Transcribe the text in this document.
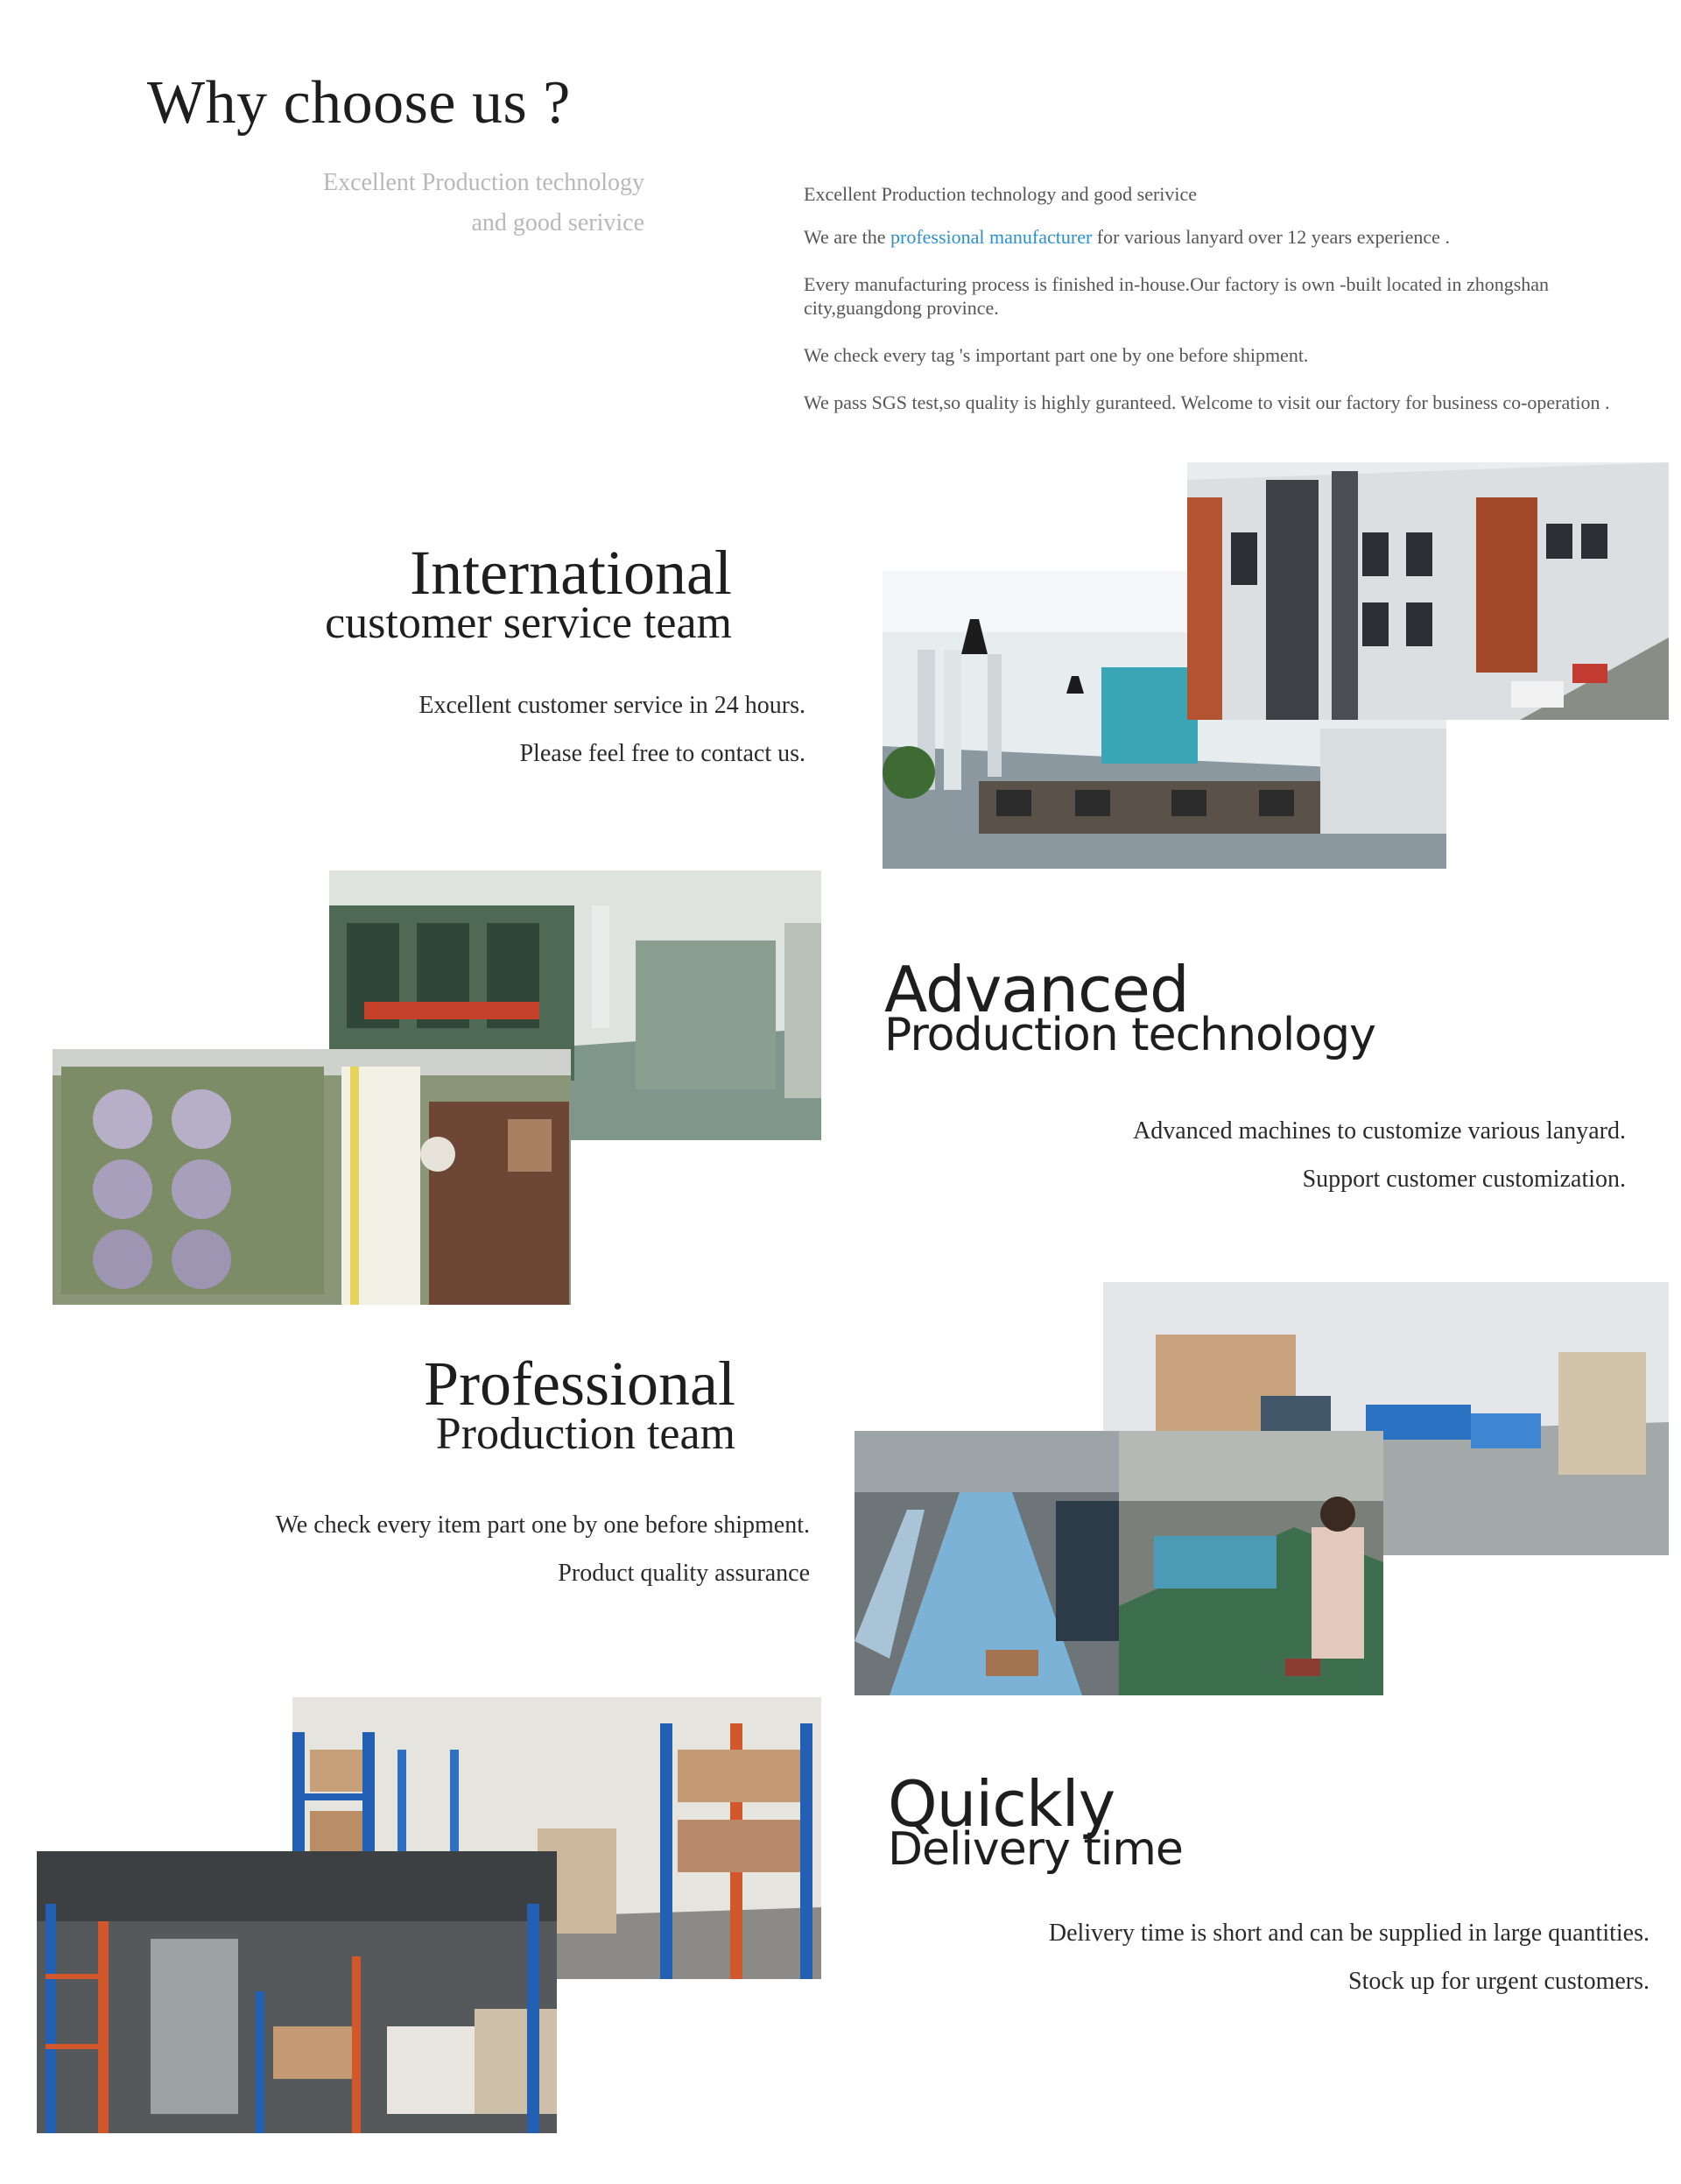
Why choose us ?
Excellent Production technology
and good serivice
Excellent Production technology and good serivice
We are the professional manufacturer for various lanyard over 12 years experience .
Every manufacturing process is finished in-house.Our factory is own -built located in zhongshan city,guangdong province.
We check every tag 's important part one by one before shipment.
We pass SGS test,so quality is highly guranteed. Welcome to visit our factory for business co-operation .
International
customer service team
Excellent customer service in 24 hours.
Please feel free to contact us.
Advanced
Production technology
Advanced machines to customize various lanyard.
Support customer customization.
Professional
Production team
We check every item part one by one before shipment.
Product quality assurance
Quickly
Delivery time
Delivery time is short and can be supplied in large quantities.
Stock up for urgent customers.
